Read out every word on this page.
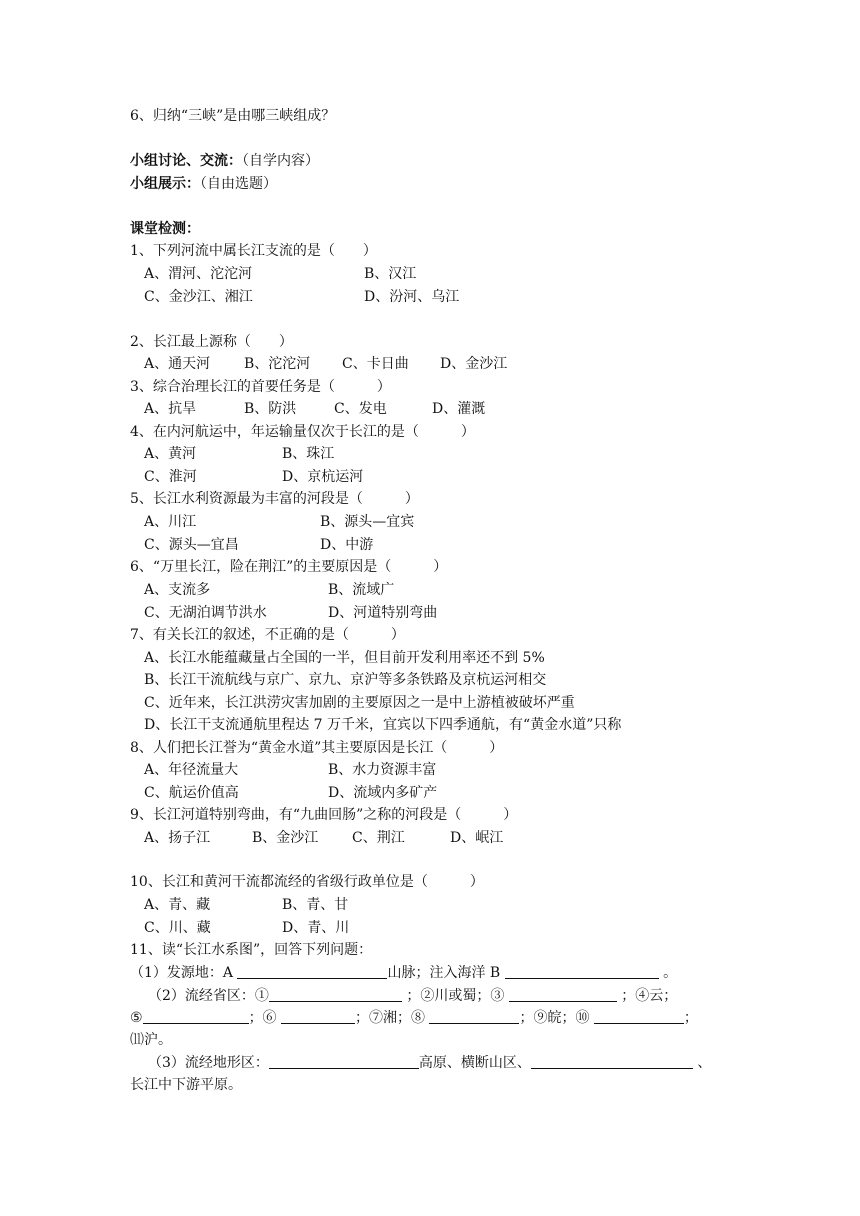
6、归纳“三峡”是由哪三峡组成？
小组讨论、交流：（自学内容）
小组展示：（自由选题）
课堂检测：
1、下列河流中属长江支流的是（　　）
A、渭河、沱沱河	B、汉江
C、金沙江、湘江	D、汾河、乌江
2、长江最上源称（　　）
A、通天河 B、沱沱河 C、卡日曲 D、金沙江
3、综合治理长江的首要任务是（　　　）
A、抗旱	B、防洪	C、发电	D、灌溉
4、在内河航运中，年运输量仅次于长江的是（　　　）
A、黄河	B、珠江
C、淮河	D、京杭运河
5、长江水利资源最为丰富的河段是（　　　）
A、川江	B、源头—宜宾
C、源头—宜昌	D、中游
6、“万里长江，险在荆江”的主要原因是（　　　）
A、支流多	B、流域广
C、无湖泊调节洪水	D、河道特别弯曲
7、有关长江的叙述，不正确的是（　　　）
A、长江水能蕴藏量占全国的一半，但目前开发利用率还不到 5%
B、长江干流航线与京广、京九、京沪等多条铁路及京杭运河相交
C、近年来，长江洪涝灾害加剧的主要原因之一是中上游植被破坏严重
D、长江干支流通航里程达 7 万千米，宜宾以下四季通航，有“黄金水道”只称
8、人们把长江誉为“黄金水道”其主要原因是长江（　　　）
A、年径流量大	B、水力资源丰富
C、航运价值高	D、流域内多矿产
9、长江河道特别弯曲，有“九曲回肠”之称的河段是（　　　）
A、扬子江	B、金沙江 C、荆江	D、岷江
10、长江和黄河干流都流经的省级行政单位是（　　　）
A、青、藏	B、青、甘
C、川、藏	D、青、川
11、读“长江水系图”，回答下列问题：
（1）发源地：A	山脉；注入海洋 B	。
（2）流经省区：①	；②川或蜀；③	；④云；
⑤	；⑥	；⑦湘；⑧	；⑨皖；⑩	；
⑾沪。
（3）流经地形区：	高原、横断山区、	、
长江中下游平原。
